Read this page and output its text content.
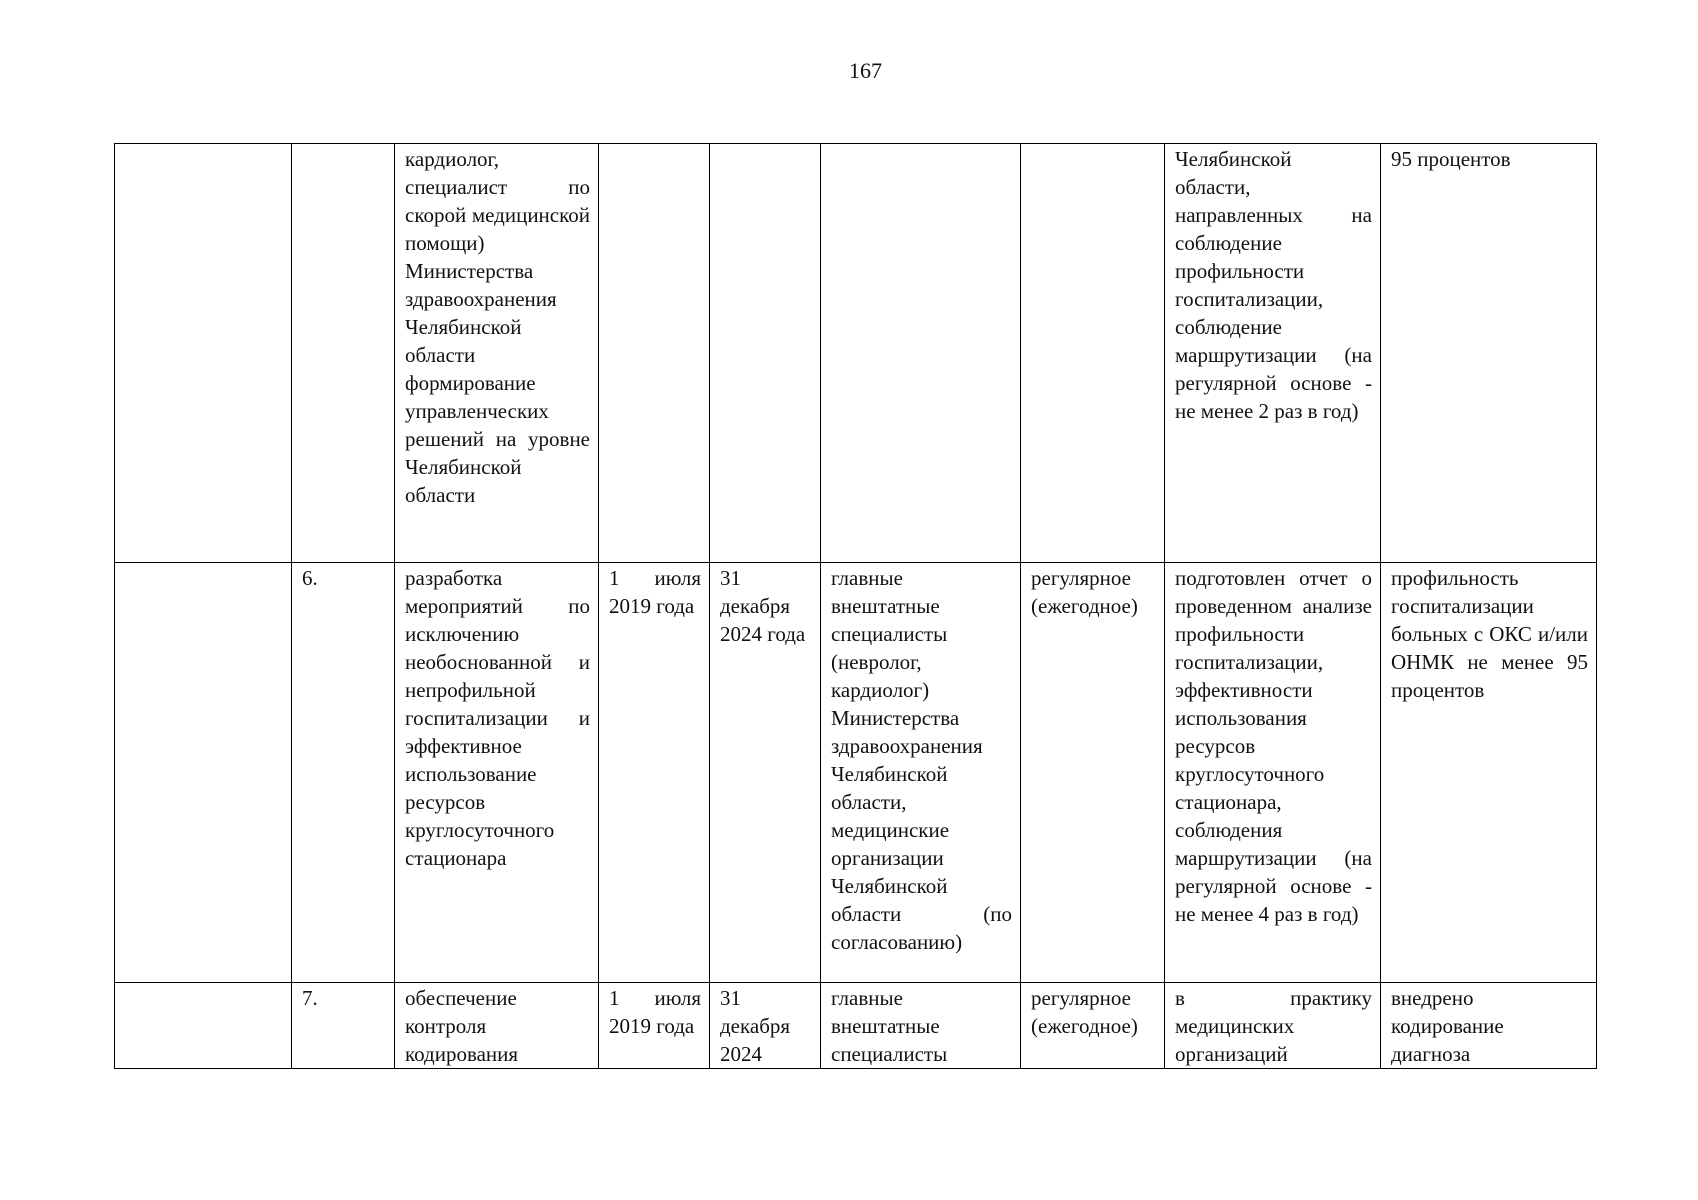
167
		кардиолог, специалист по скорой медицинской помощи) Министерства здравоохранения Челябинской области формирование управленческих решений на уровне Челябинской области					Челябинской области, направленных на соблюдение профильности госпитализации, соблюдение маршрутизации (на регулярной основе - не менее 2 раз в год)	95 процентов
	6.	разработка мероприятий по исключению необоснованной и непрофильной госпитализации и эффективное использование ресурсов круглосуточного стационара	1 июля 2019 года	31 декабря 2024 года	главные внештатные специалисты (невролог, кардиолог) Министерства здравоохранения Челябинской области, медицинские организации Челябинской области (по согласованию)	регулярное (ежегодное)	подготовлен отчет о проведенном анализе профильности госпитализации, эффективности использования ресурсов круглосуточного стационара, соблюдения маршрутизации (на регулярной основе - не менее 4 раз в год)	профильность госпитализации больных с ОКС и/или ОНМК не менее 95 процентов
	7.	обеспечение контроля кодирования	1 июля 2019 года	31 декабря 2024	главные внештатные специалисты	регулярное (ежегодное)	в практику медицинских организаций	внедрено кодирование диагноза
